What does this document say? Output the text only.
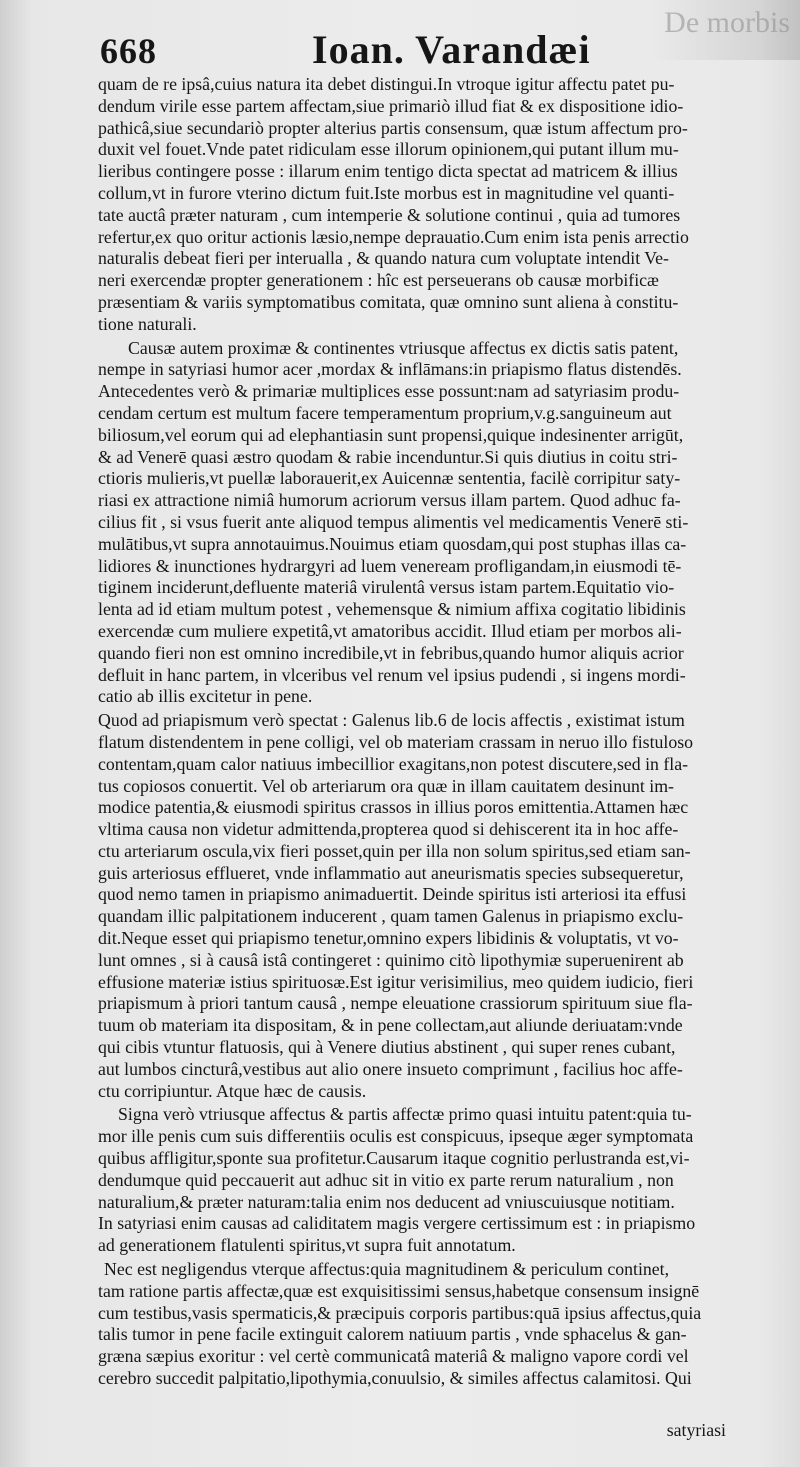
668	Ioan. Varandæi
De morbis
quam de re ipsâ,cuius natura ita debet distingui.In vtroque igitur affectu patet pu-
dendum virile esse partem affectam,siue primariò illud fiat & ex dispositione idio-
pathicâ,siue secundariò propter alterius partis consensum, quæ istum affectum pro-
duxit vel fouet.Vnde patet ridiculam esse illorum opinionem,qui putant illum mu-
lieribus contingere posse : illarum enim tentigo dicta spectat ad matricem & illius
collum,vt in furore vterino dictum fuit.Iste morbus est in magnitudine vel quanti-
tate auctâ præter naturam , cum intemperie & solutione continui , quia ad tumores
refertur,ex quo oritur actionis læsio,nempe deprauatio.Cum enim ista penis arrectio
naturalis debeat fieri per interualla , & quando natura cum voluptate intendit Ve-
neri exercendæ propter generationem : hîc est perseuerans ob causæ morbificæ
præsentiam & variis symptomatibus comitata, quæ omnino sunt aliena à constitu-
tione naturali.
Causæ autem proximæ & continentes vtriusque affectus ex dictis satis patent,
nempe in satyriasi humor acer ,mordax & inflāmans:in priapismo flatus distendēs.
Antecedentes verò & primariæ multiplices esse possunt:nam ad satyriasim produ-
cendam certum est multum facere temperamentum proprium,v.g.sanguineum aut
biliosum,vel eorum qui ad elephantiasin sunt propensi,quique indesinenter arrigūt,
& ad Venerē quasi æstro quodam & rabie incenduntur.Si quis diutius in coitu stri-
ctioris mulieris,vt puellæ laborauerit,ex Auicennæ sententia, facilè corripitur saty-
riasi ex attractione nimiâ humorum acriorum versus illam partem. Quod adhuc fa-
cilius fit , si vsus fuerit ante aliquod tempus alimentis vel medicamentis Venerē sti-
mulātibus,vt supra annotauimus.Nouimus etiam quosdam,qui post stuphas illas ca-
lidiores & inunctiones hydrargyri ad luem veneream profligandam,in eiusmodi tē-
tiginem inciderunt,defluente materiâ virulentâ versus istam partem.Equitatio vio-
lenta ad id etiam multum potest , vehemensque & nimium affixa cogitatio libidinis
exercendæ cum muliere expetitâ,vt amatoribus accidit. Illud etiam per morbos ali-
quando fieri non est omnino incredibile,vt in febribus,quando humor aliquis acrior
defluit in hanc partem, in vlceribus vel renum vel ipsius pudendi , si ingens mordi-
catio ab illis excitetur in pene.
Quod ad priapismum verò spectat : Galenus lib.6 de locis affectis , existimat istum
flatum distendentem in pene colligi, vel ob materiam crassam in neruo illo fistuloso
contentam,quam calor natiuus imbecillior exagitans,non potest discutere,sed in fla-
tus copiosos conuertit. Vel ob arteriarum ora quæ in illam cauitatem desinunt im-
modice patentia,& eiusmodi spiritus crassos in illius poros emittentia.Attamen hæc
vltima causa non videtur admittenda,propterea quod si dehiscerent ita in hoc affe-
ctu arteriarum oscula,vix fieri posset,quin per illa non solum spiritus,sed etiam san-
guis arteriosus efflueret, vnde inflammatio aut aneurismatis species subsequeretur,
quod nemo tamen in priapismo animaduertit. Deinde spiritus isti arteriosi ita effusi
quandam illic palpitationem inducerent , quam tamen Galenus in priapismo exclu-
dit.Neque esset qui priapismo tenetur,omnino expers libidinis & voluptatis, vt vo-
lunt omnes , si à causâ istâ contingeret : quinimo citò lipothymiæ superuenirent ab
effusione materiæ istius spirituosæ.Est igitur verisimilius, meo quidem iudicio, fieri
priapismum à priori tantum causâ , nempe eleuatione crassiorum spirituum siue fla-
tuum ob materiam ita dispositam, & in pene collectam,aut aliunde deriuatam:vnde
qui cibis vtuntur flatuosis, qui à Venere diutius abstinent , qui super renes cubant,
aut lumbos cincturâ,vestibus aut alio onere insueto comprimunt , facilius hoc affe-
ctu corripiuntur. Atque hæc de causis.
Signa verò vtriusque affectus & partis affectæ primo quasi intuitu patent:quia tu-
mor ille penis cum suis differentiis oculis est conspicuus, ipseque æger symptomata
quibus affligitur,sponte sua profitetur.Causarum itaque cognitio perlustranda est,vi-
dendumque quid peccauerit aut adhuc sit in vitio ex parte rerum naturalium , non
naturalium,& præter naturam:talia enim nos deducent ad vniuscuiusque notitiam.
In satyriasi enim causas ad caliditatem magis vergere certissimum est : in priapismo
ad generationem flatulenti spiritus,vt supra fuit annotatum.
Nec est negligendus vterque affectus:quia magnitudinem & periculum continet,
tam ratione partis affectæ,quæ est exquisitissimi sensus,habetque consensum insignē
cum testibus,vasis spermaticis,& præcipuis corporis partibus:quā ipsius affectus,quia
talis tumor in pene facile extinguit calorem natiuum partis , vnde sphacelus & gan-
græna sæpius exoritur : vel certè communicatâ materiâ & maligno vapore cordi vel
cerebro succedit palpitatio,lipothymia,conuulsio, & similes affectus calamitosi. Qui
satyriasi
